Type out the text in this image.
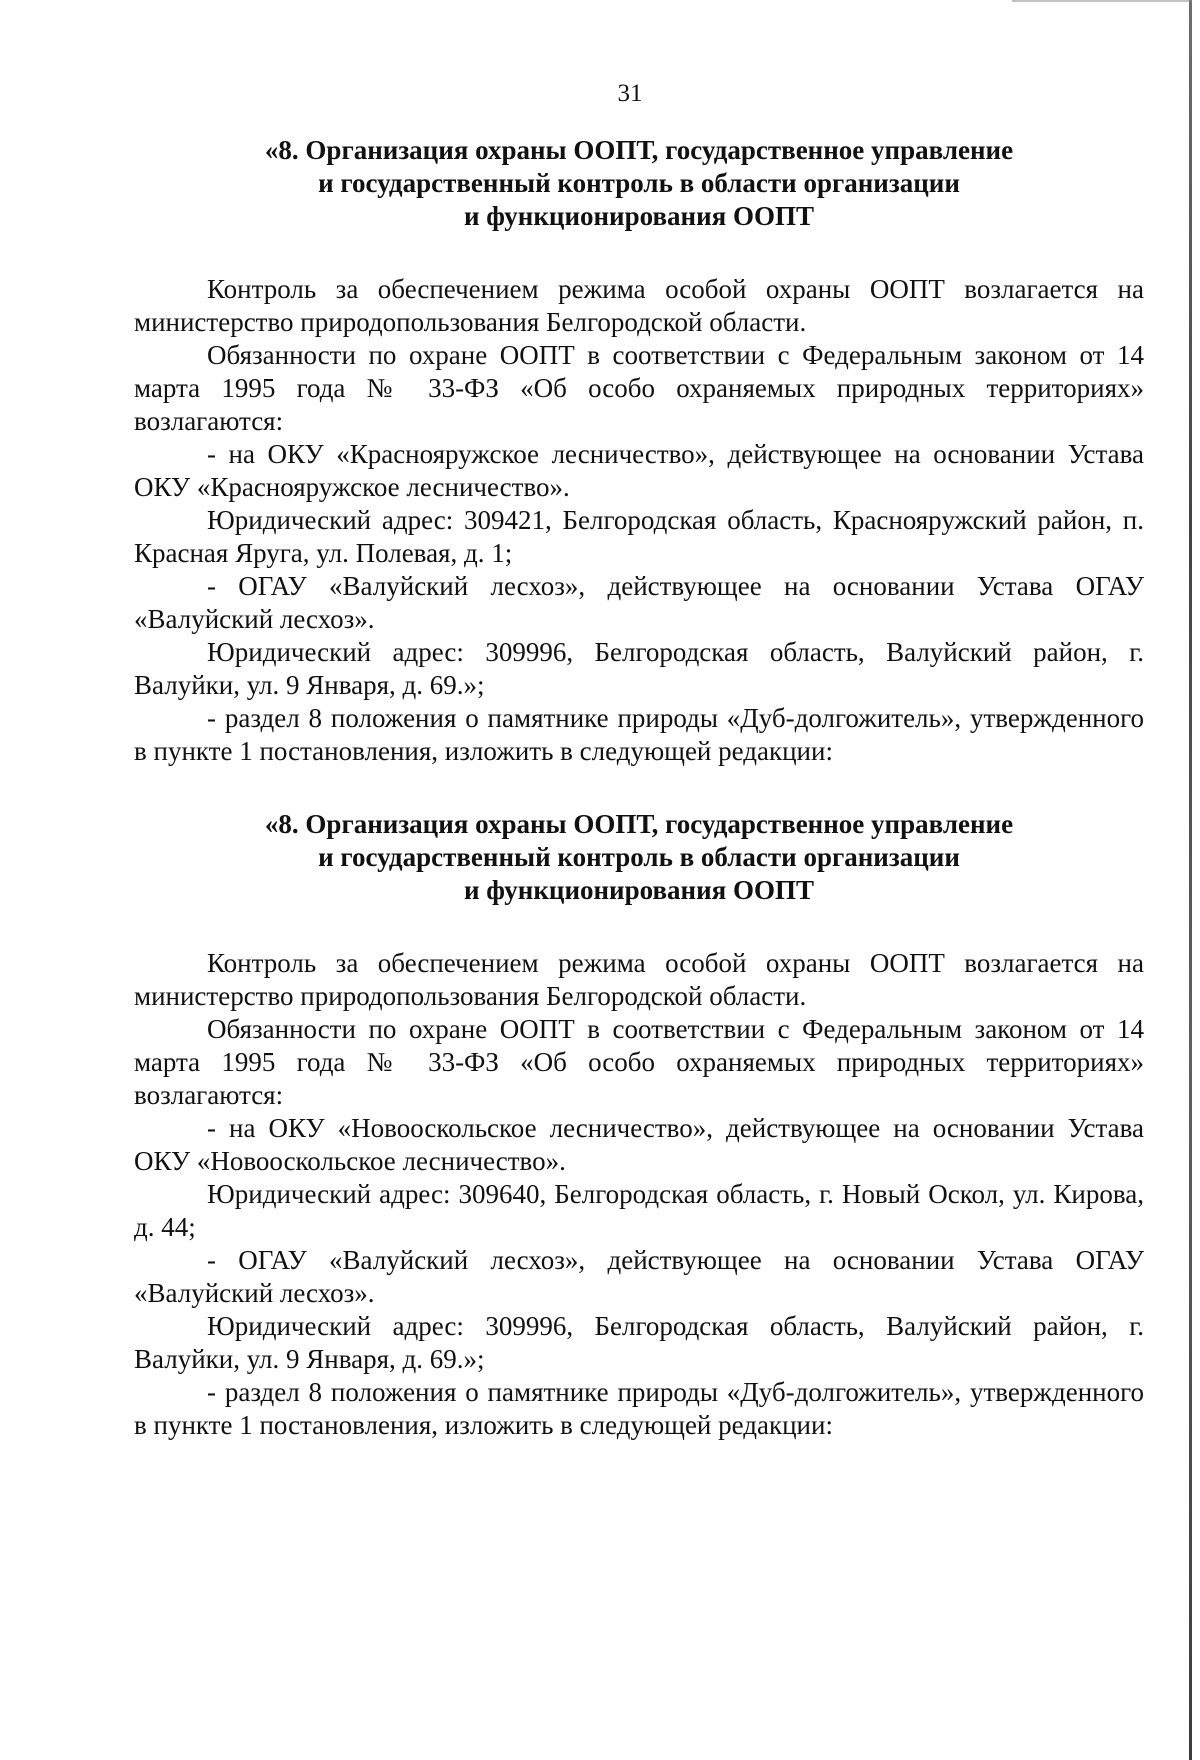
31
«8. Организация охраны ООПТ, государственное управление
и государственный контроль в области организации
и функционирования ООПТ

Контроль за обеспечением режима особой охраны ООПТ возлагается на министерство природопользования Белгородской области.

Обязанности по охране ООПТ в соответствии с Федеральным законом от 14 марта 1995 года № 33-ФЗ «Об особо охраняемых природных территориях» возлагаются:

- на ОКУ «Краснояружское лесничество», действующее на основании Устава ОКУ «Краснояружское лесничество».

Юридический адрес: 309421, Белгородская область, Краснояружский район, п. Красная Яруга, ул. Полевая, д. 1;

- ОГАУ «Валуйский лесхоз», действующее на основании Устава ОГАУ «Валуйский лесхоз».

Юридический адрес: 309996, Белгородская область, Валуйский район, г. Валуйки, ул. 9 Января, д. 69.»;

- раздел 8 положения о памятнике природы «Дуб-долгожитель», утвержденного в пункте 1 постановления, изложить в следующей редакции:

«8. Организация охраны ООПТ, государственное управление
и государственный контроль в области организации
и функционирования ООПТ

Контроль за обеспечением режима особой охраны ООПТ возлагается на министерство природопользования Белгородской области.

Обязанности по охране ООПТ в соответствии с Федеральным законом от 14 марта 1995 года № 33-ФЗ «Об особо охраняемых природных территориях» возлагаются:

- на ОКУ «Новооскольское лесничество», действующее на основании Устава ОКУ «Новооскольское лесничество».

Юридический адрес: 309640, Белгородская область, г. Новый Оскол, ул. Кирова, д. 44;

- ОГАУ «Валуйский лесхоз», действующее на основании Устава ОГАУ «Валуйский лесхоз».

Юридический адрес: 309996, Белгородская область, Валуйский район, г. Валуйки, ул. 9 Января, д. 69.»;

- раздел 8 положения о памятнике природы «Дуб-долгожитель», утвержденного в пункте 1 постановления, изложить в следующей редакции:
